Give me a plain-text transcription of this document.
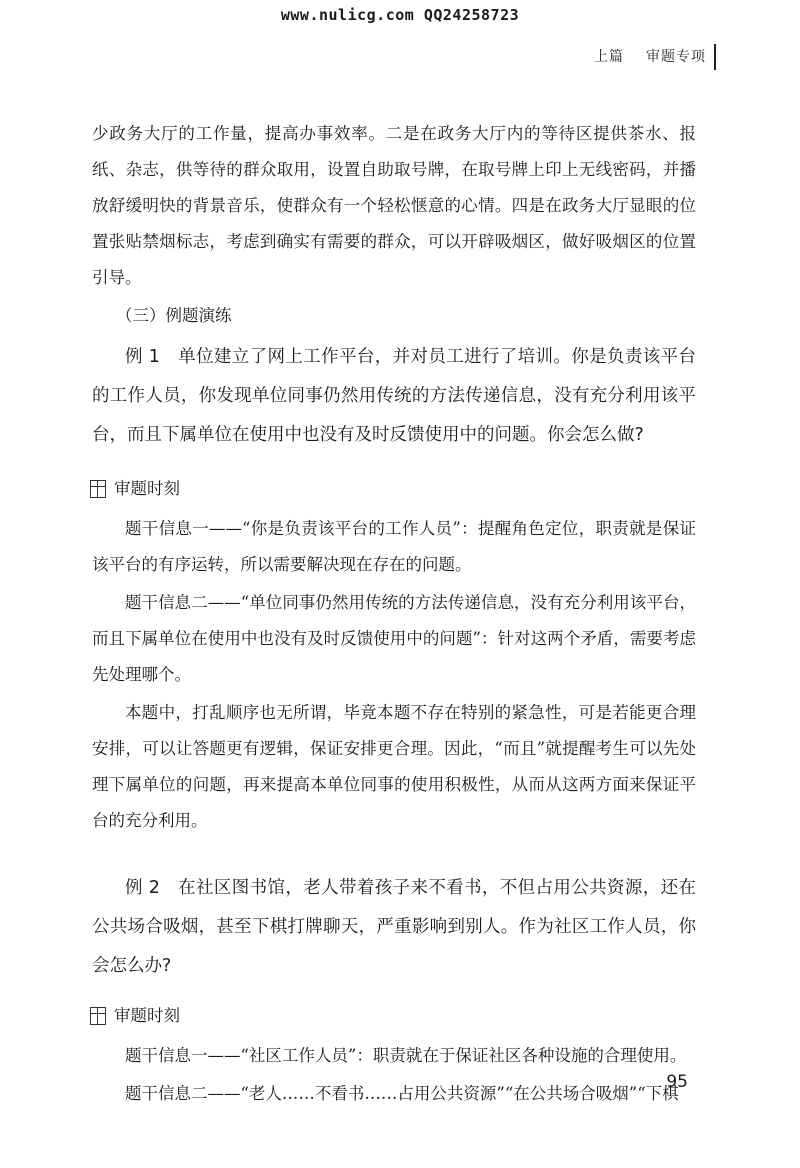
www.nulicg.com QQ24258723
上篇 审题专项

少政务大厅的工作量，提高办事效率。二是在政务大厅内的等待区提供茶水、报纸、杂志，供等待的群众取用，设置自助取号牌，在取号牌上印上无线密码，并播放舒缓明快的背景音乐，使群众有一个轻松惬意的心情。四是在政务大厅显眼的位置张贴禁烟标志，考虑到确实有需要的群众，可以开辟吸烟区，做好吸烟区的位置引导。

（三）例题演练

例 1　单位建立了网上工作平台，并对员工进行了培训。你是负责该平台的工作人员，你发现单位同事仍然用传统的方法传递信息，没有充分利用该平台，而且下属单位在使用中也没有及时反馈使用中的问题。你会怎么做?

审题时刻

题干信息一——“你是负责该平台的工作人员”：提醒角色定位，职责就是保证该平台的有序运转，所以需要解决现在存在的问题。

题干信息二——“单位同事仍然用传统的方法传递信息，没有充分利用该平台，而且下属单位在使用中也没有及时反馈使用中的问题”：针对这两个矛盾，需要考虑先处理哪个。

本题中，打乱顺序也无所谓，毕竟本题不存在特别的紧急性，可是若能更合理安排，可以让答题更有逻辑，保证安排更合理。因此，“而且”就提醒考生可以先处理下属单位的问题，再来提高本单位同事的使用积极性，从而从这两方面来保证平台的充分利用。

例 2　在社区图书馆，老人带着孩子来不看书，不但占用公共资源，还在公共场合吸烟，甚至下棋打牌聊天，严重影响到别人。作为社区工作人员，你会怎么办?

审题时刻

题干信息一——“社区工作人员”：职责就在于保证社区各种设施的合理使用。

题干信息二——“老人……不看书……占用公共资源”“在公共场合吸烟”“下棋

95
